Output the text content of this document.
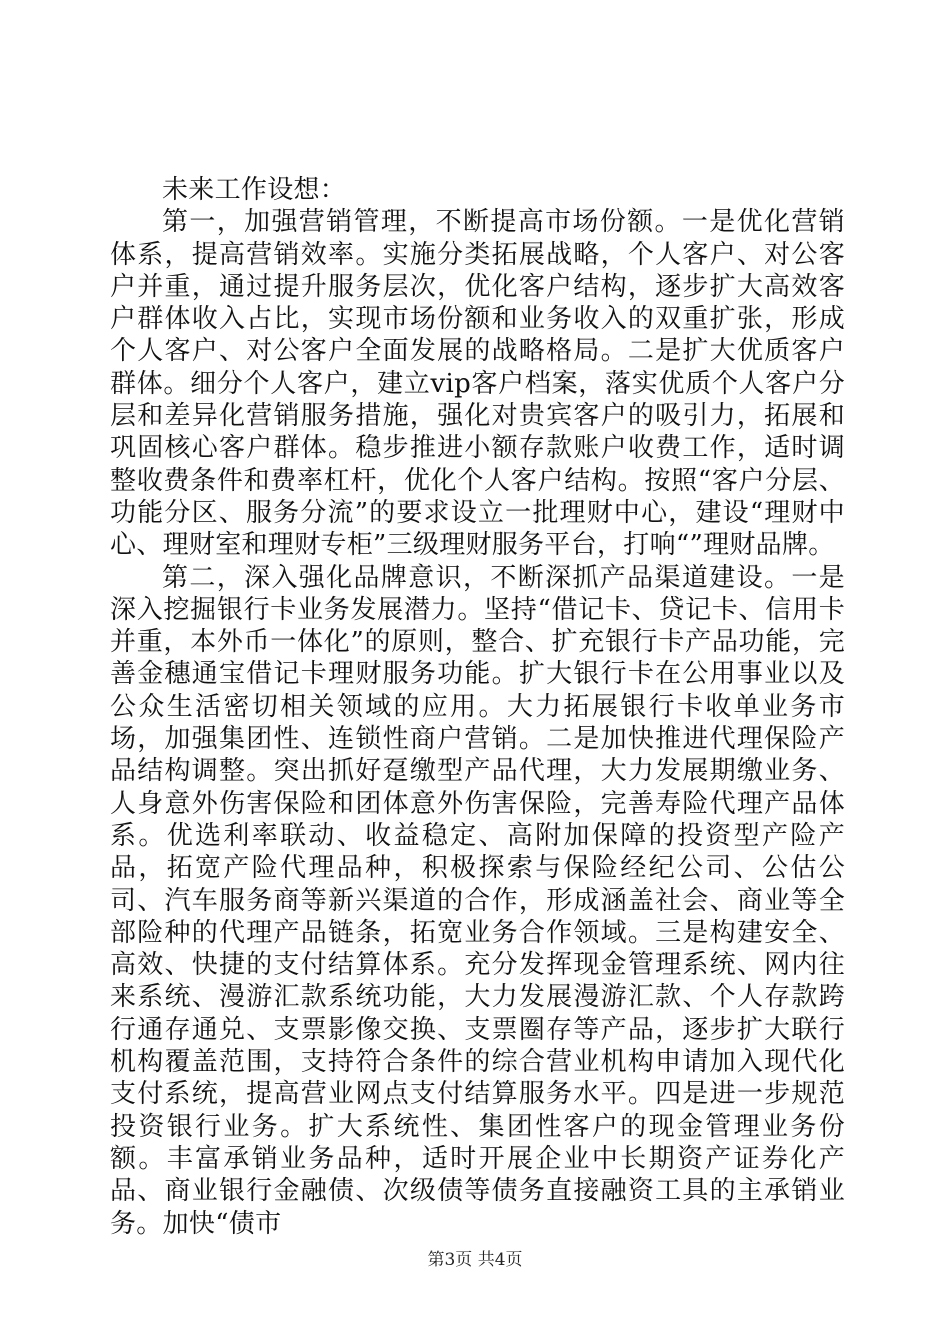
未来工作设想：

第一，加强营销管理，不断提高市场份额。一是优化营销体系，提高营销效率。实施分类拓展战略，个人客户、对公客户并重，通过提升服务层次，优化客户结构，逐步扩大高效客户群体收入占比，实现市场份额和业务收入的双重扩张，形成个人客户、对公客户全面发展的战略格局。二是扩大优质客户群体。细分个人客户，建立vip客户档案，落实优质个人客户分层和差异化营销服务措施，强化对贵宾客户的吸引力，拓展和巩固核心客户群体。稳步推进小额存款账户收费工作，适时调整收费条件和费率杠杆，优化个人客户结构。按照“客户分层、功能分区、服务分流”的要求设立一批理财中心，建设“理财中心、理财室和理财专柜”三级理财服务平台，打响“”理财品牌。

第二，深入强化品牌意识，不断深抓产品渠道建设。一是深入挖掘银行卡业务发展潜力。坚持“借记卡、贷记卡、信用卡并重，本外币一体化”的原则，整合、扩充银行卡产品功能，完善金穗通宝借记卡理财服务功能。扩大银行卡在公用事业以及公众生活密切相关领域的应用。大力拓展银行卡收单业务市场，加强集团性、连锁性商户营销。二是加快推进代理保险产品结构调整。突出抓好趸缴型产品代理，大力发展期缴业务、人身意外伤害保险和团体意外伤害保险，完善寿险代理产品体系。优选利率联动、收益稳定、高附加保障的投资型产险产品，拓宽产险代理品种，积极探索与保险经纪公司、公估公司、汽车服务商等新兴渠道的合作，形成涵盖社会、商业等全部险种的代理产品链条，拓宽业务合作领域。三是构建安全、高效、快捷的支付结算体系。充分发挥现金管理系统、网内往来系统、漫游汇款系统功能，大力发展漫游汇款、个人存款跨行通存通兑、支票影像交换、支票圈存等产品，逐步扩大联行机构覆盖范围，支持符合条件的综合营业机构申请加入现代化支付系统，提高营业网点支付结算服务水平。四是进一步规范投资银行业务。扩大系统性、集团性客户的现金管理业务份额。丰富承销业务品种，适时开展企业中长期资产证券化产品、商业银行金融债、次级债等债务直接融资工具的主承销业务。加快“债市

第3页 共4页
